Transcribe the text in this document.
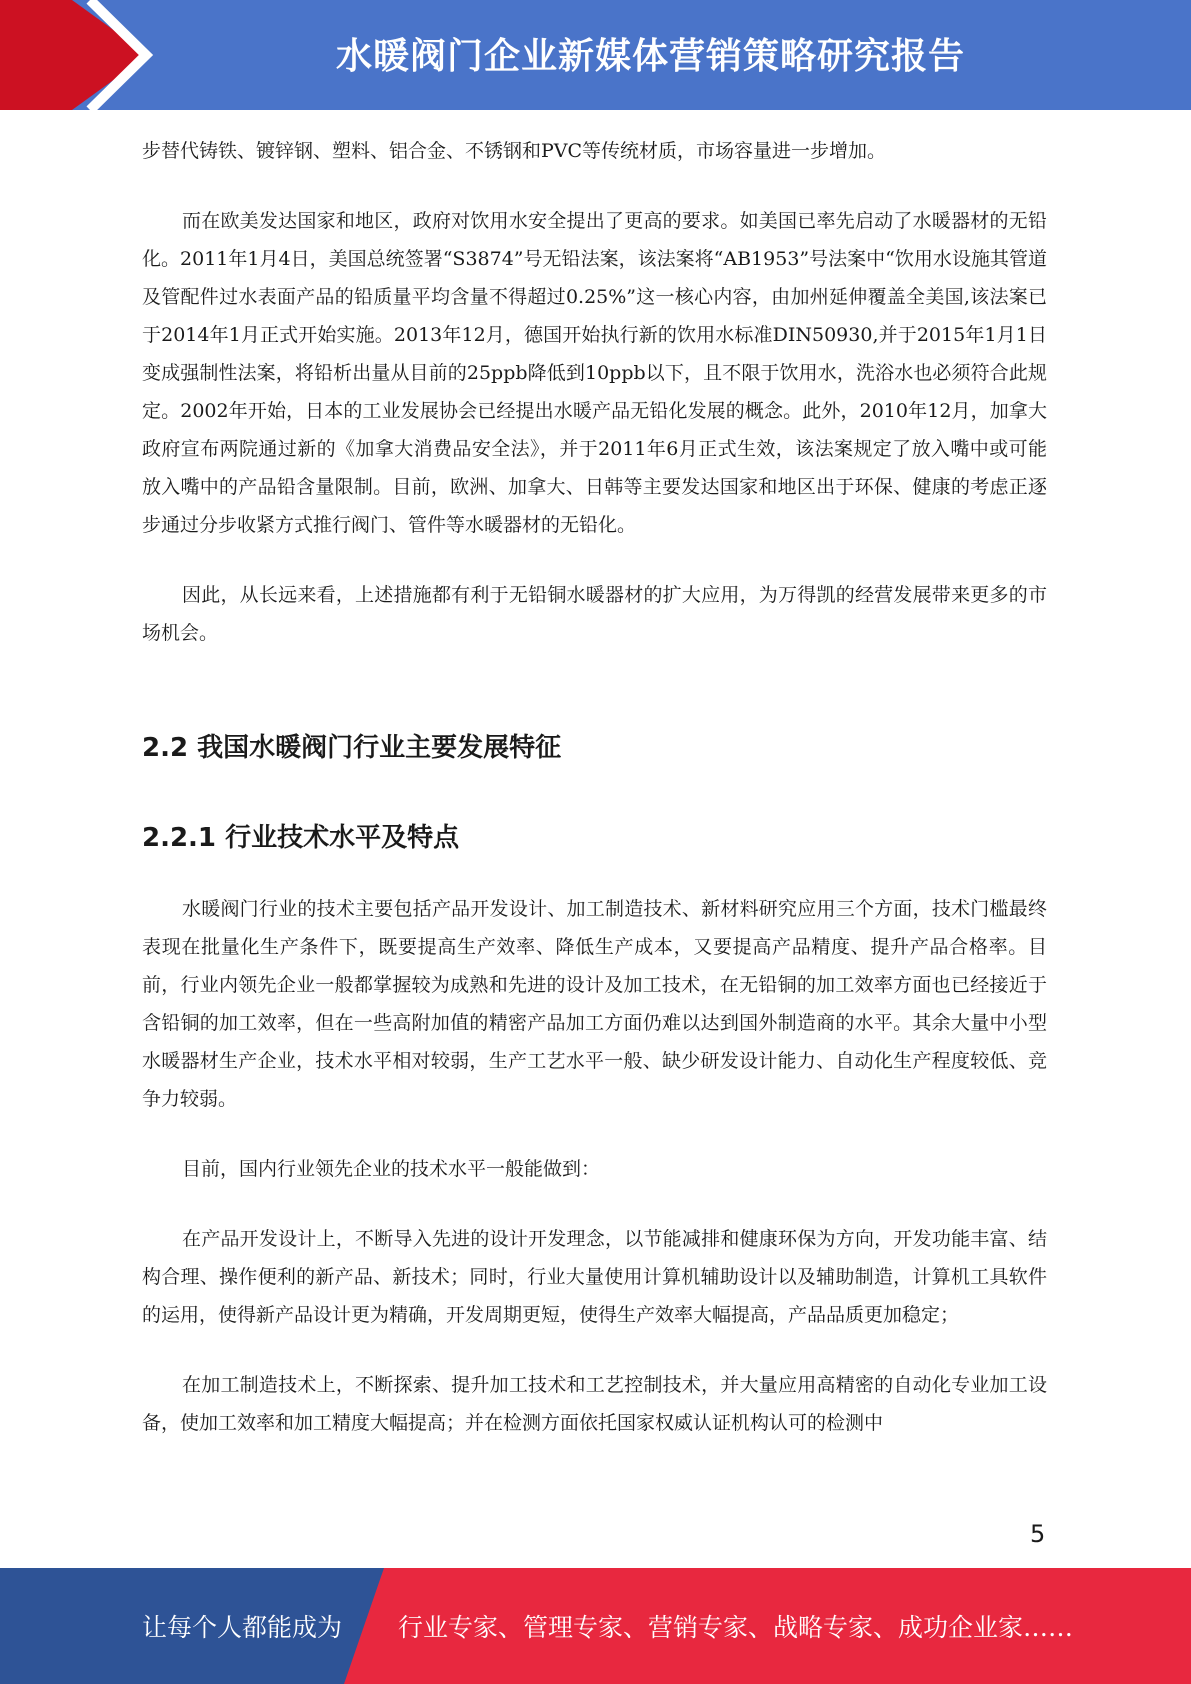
水暖阀门企业新媒体营销策略研究报告

步替代铸铁、镀锌钢、塑料、铝合金、不锈钢和PVC等传统材质，市场容量进一步增加。

而在欧美发达国家和地区，政府对饮用水安全提出了更高的要求。如美国已率先启动了水暖器材的无铅化。2011年1月4日，美国总统签署“S3874”号无铅法案，该法案将“AB1953”号法案中“饮用水设施其管道及管配件过水表面产品的铅质量平均含量不得超过0.25%”这一核心内容，由加州延伸覆盖全美国,该法案已于2014年1月正式开始实施。2013年12月，德国开始执行新的饮用水标准DIN50930,并于2015年1月1日变成强制性法案，将铅析出量从目前的25ppb降低到10ppb以下，且不限于饮用水，洗浴水也必须符合此规定。2002年开始，日本的工业发展协会已经提出水暖产品无铅化发展的概念。此外，2010年12月，加拿大政府宣布两院通过新的《加拿大消费品安全法》，并于2011年6月正式生效，该法案规定了放入嘴中或可能放入嘴中的产品铅含量限制。目前，欧洲、加拿大、日韩等主要发达国家和地区出于环保、健康的考虑正逐步通过分步收紧方式推行阀门、管件等水暖器材的无铅化。

因此，从长远来看，上述措施都有利于无铅铜水暖器材的扩大应用，为万得凯的经营发展带来更多的市场机会。

2.2 我国水暖阀门行业主要发展特征
2.2.1 行业技术水平及特点

水暖阀门行业的技术主要包括产品开发设计、加工制造技术、新材料研究应用三个方面，技术门槛最终表现在批量化生产条件下，既要提高生产效率、降低生产成本，又要提高产品精度、提升产品合格率。目前，行业内领先企业一般都掌握较为成熟和先进的设计及加工技术，在无铅铜的加工效率方面也已经接近于含铅铜的加工效率，但在一些高附加值的精密产品加工方面仍难以达到国外制造商的水平。其余大量中小型水暖器材生产企业，技术水平相对较弱，生产工艺水平一般、缺少研发设计能力、自动化生产程度较低、竞争力较弱。

目前，国内行业领先企业的技术水平一般能做到：

在产品开发设计上，不断导入先进的设计开发理念，以节能减排和健康环保为方向，开发功能丰富、结构合理、操作便利的新产品、新技术；同时，行业大量使用计算机辅助设计以及辅助制造，计算机工具软件的运用，使得新产品设计更为精确，开发周期更短，使得生产效率大幅提高，产品品质更加稳定；

在加工制造技术上，不断探索、提升加工技术和工艺控制技术，并大量应用高精密的自动化专业加工设备，使加工效率和加工精度大幅提高；并在检测方面依托国家权威认证机构认可的检测中

5
让每个人都能成为 行业专家、管理专家、营销专家、战略专家、成功企业家……
